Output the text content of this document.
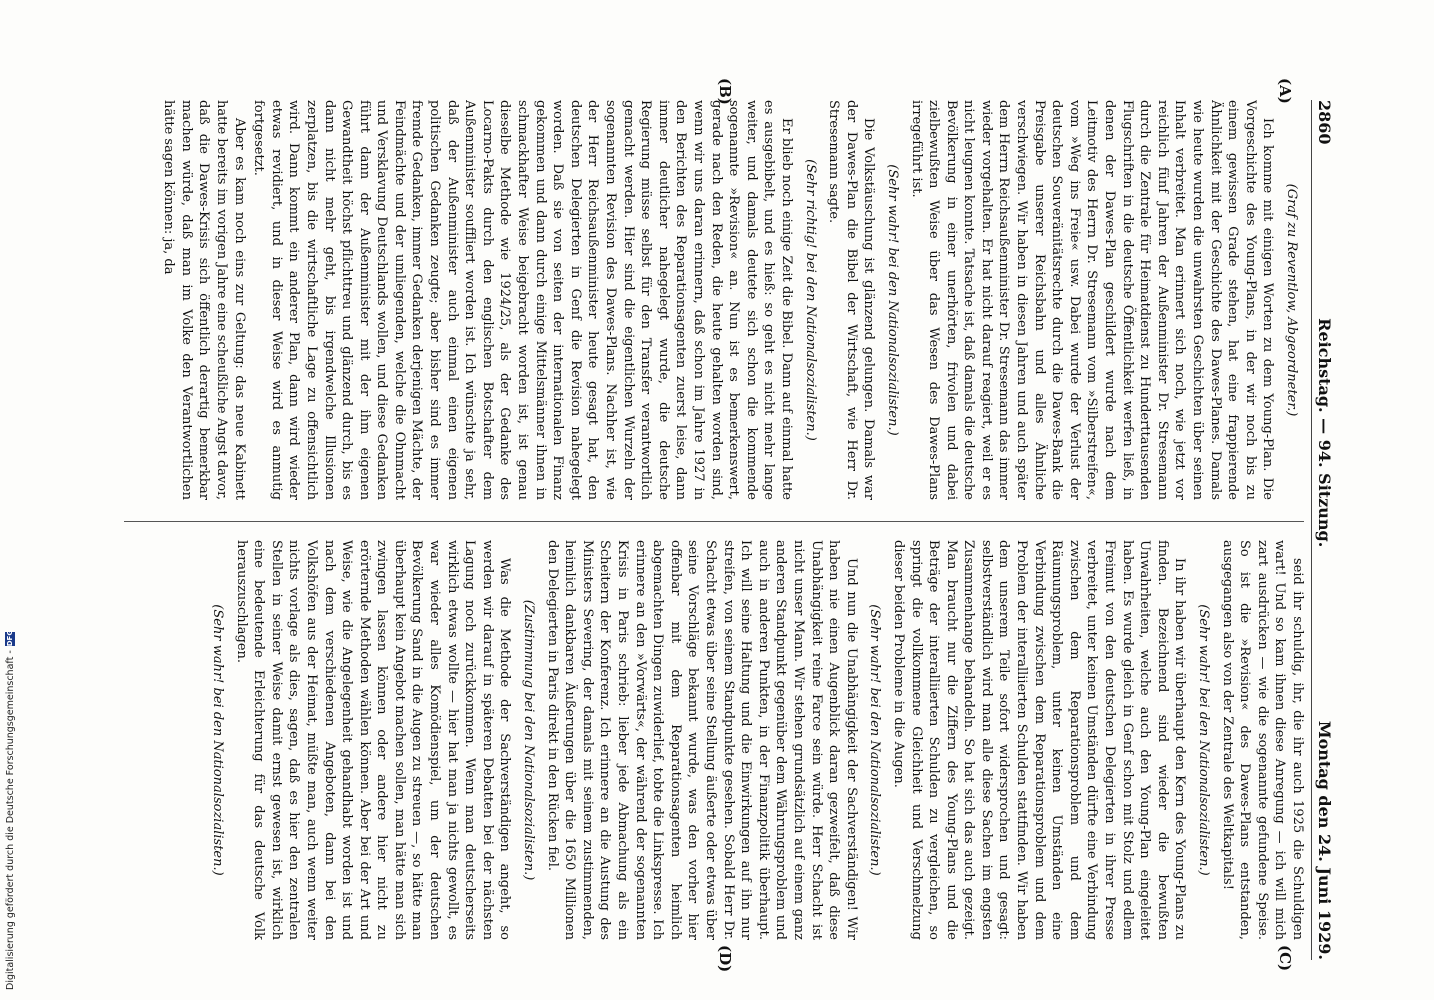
2860
Reichstag. — 94. Sitzung.
Montag den 24. Juni 1929.
(A)
(B)
(C)
(D)

(Graf zu Reventlow, Abgeordneter.)

Ich komme mit einigen Worten zu dem Young-Plan. Die Vorgeschichte des Young-Plans, in der wir noch bis zu einem gewissen Grade stehen, hat eine frappierende Ähnlichkeit mit der Geschichte des Dawes-Planes. Damals wie heute wurden die unwahrsten Geschichten über seinen Inhalt verbreitet. Man erinnert sich noch, wie jetzt vor reichlich fünf Jahren der Außenminister Dr. Stresemann durch die Zentrale für Heimatdienst zu Hunderttausenden Flugschriften in die deutsche Öffentlichkeit werfen ließ, in denen der Dawes-Plan geschildert wurde nach dem Leitmotiv des Herrn Dr. Stresemann vom »Silberstreifen«, vom »Weg ins Freie« usw. Dabei wurde der Verlust der deutschen Souveränitätsrechte durch die Dawes-Bank die Preisgabe unserer Reichsbahn und alles Ähnliche verschwiegen. Wir haben in diesen Jahren und auch später dem Herrn Reichsaußenminister Dr. Stresemann das immer wieder vorgehalten. Er hat nicht darauf reagiert, weil er es nicht leugnen konnte. Tatsache ist, daß damals die deutsche Bevölkerung in einer unerhörten, frivolen und dabei zielbewußten Weise über das Wesen des Dawes-Plans irregeführt ist.

(Sehr wahr! bei den Nationalsozialisten.)

Die Volkstäuschung ist glänzend gelungen. Damals war der Dawes-Plan die Bibel der Wirtschaft, wie Herr Dr. Stresemann sagte.

(Sehr richtig! bei den Nationalsozialisten.)

Er blieb noch einige Zeit die Bibel. Dann auf einmal hatte es ausgebibelt, und es hieß: so geht es nicht mehr lange weiter, und damals deutete sich schon die kommende sogenannte »Revision« an. Nun ist es bemerkenswert, gerade nach den Reden, die heute gehalten worden sind, wenn wir uns daran erinnern, daß schon im Jahre 1927 in den Berichten des Reparationsagenten zuerst leise, dann immer deutlicher nahegelegt wurde, die deutsche Regierung müsse selbst für den Transfer verantwortlich gemacht werden. Hier sind die eigentlichen Wurzeln der sogenannten Revision des Dawes-Plans. Nachher ist, wie der Herr Reichsaußenminister heute gesagt hat, den deutschen Delegierten in Genf die Revision nahegelegt worden. Daß sie von seiten der internationalen Finanz gekommen und dann durch einige Mittelsmänner ihnen in schmackhafter Weise beigebracht worden ist, ist genau dieselbe Methode wie 1924/25, als der Gedanke des Locarno-Pakts durch den englischen Botschafter dem Außenminister souffliert worden ist. Ich wünschte ja sehr, daß der Außenminister auch einmal einen eigenen politischen Gedanken zeugte; aber bisher sind es immer fremde Gedanken, immer Gedanken derjenigen Mächte, der Feindmächte und der umliegenden, welche die Ohnmacht und Versklavung Deutschlands wollen, und diese Gedanken führt dann der Außenminister mit der ihm eigenen Gewandtheit höchst pflichttreu und glänzend durch, bis es dann nicht mehr geht, bis irgendwelche Illusionen zerplatzen, bis die wirtschaftliche Lage zu offensichtlich wird. Dann kommt ein anderer Plan, dann wird wieder etwas revidiert, und in dieser Weise wird es anmutig fortgesetzt.

Aber es kam noch eins zur Geltung: das neue Kabinett hatte bereits im vorigen Jahre eine scheußliche Angst davor, daß die Dawes-Krisis sich öffentlich derartig bemerkbar machen würde, daß man im Volke den Verantwortlichen hätte sagen können: ja, da

seid ihr schuldig, ihr, die ihr auch 1925 die Schuldigen wart! Und so kam ihnen diese Anregung — ich will mich zart ausdrücken — wie die sogenannte gefundene Speise. So ist die »Revision« des Dawes-Plans entstanden, ausgegangen also von der Zentrale des Weltkapitals!

(Sehr wahr! bei den Nationalsozialisten.)

In ihr haben wir überhaupt den Kern des Young-Plans zu finden. Bezeichnend sind wieder die bewußten Unwahrheiten, welche auch den Young-Plan eingeleitet haben. Es wurde gleich in Genf schon mit Stolz und edlem Freimut von den deutschen Delegierten in ihrer Presse verbreitet, unter keinen Umständen dürfte eine Verbindung zwischen dem Reparationsproblem und dem Räumungsproblem, unter keinen Umständen eine Verbindung zwischen dem Reparationsproblem und dem Problem der interalliierten Schulden stattfinden. Wir haben dem unserem Teile sofort widersprochen und gesagt: selbstverständlich wird man alle diese Sachen im engsten Zusammenhange behandeln. So hat sich das auch gezeigt. Man braucht nur die Ziffern des Young-Plans und die Beträge der interalliierten Schulden zu vergleichen, so springt die vollkommene Gleichheit und Verschmelzung dieser beiden Probleme in die Augen.

(Sehr wahr! bei den Nationalsozialisten.)

Und nun die Unabhängigkeit der Sachverständigen! Wir haben nie einen Augenblick daran gezweifelt, daß diese Unabhängigkeit reine Farce sein würde. Herr Schacht ist nicht unser Mann. Wir stehen grundsätzlich auf einem ganz anderen Standpunkt gegenüber dem Währungsproblem und auch in anderen Punkten, in der Finanzpolitik überhaupt. Ich will seine Haltung und die Einwirkungen auf ihn nur streifen, von seinem Standpunkte gesehen. Sobald Herr Dr. Schacht etwas über seine Stellung äußerte oder etwas über seine Vorschläge bekannt wurde, was den vorher hier offenbar mit dem Reparationsagenten heimlich abgemachten Dingen zuwiderlief, tobte die Linkspresse. Ich erinnere an den »Vorwärts«, der während der sogenannten Krisis in Paris schrieb: lieber jede Abmachung als ein Scheitern der Konferenz. Ich erinnere an die Austung des Ministers Severing, der damals mit seinem zustimmenden, heimlich dankbaren Äußerungen über die 1650 Millionen den Delegierten in Paris direkt in den Rücken fiel.

(Zustimmung bei den Nationalsozialisten.)

Was die Methode der Sachverständigen angeht, so werden wir darauf in späteren Debatten bei der nächsten Lagung noch zurückkommen. Wenn man deutscherseits wirklich etwas wollte — hier hat man ja nichts gewollt, es war wieder alles Komödienspiel, um der deutschen Bevölkerung Sand in die Augen zu streuen —, so hätte man überhaupt kein Angebot machen sollen, man hätte man sich zwingen lassen können oder andere hier nicht zu erörternde Methoden wählen können. Aber bei der Art und Weise, wie die Angelegenheit gehandhabt worden ist und nach dem verschiedenen Angeboten, dann bei den Volkshöfen aus der Heimat, müßte man, auch wenn weiter nichts vorlage als dies, sagen, daß es hier den zentralen Stellen in seiner Weise damit ernst gewesen ist, wirklich eine bedeutende Erleichterung für das deutsche Volk herauszuschlagen.

(Sehr wahr! bei den Nationalsozialisten.)

Digitalisierung gefördert durch die Deutsche Forschungsgemeinschaft -
DFG
